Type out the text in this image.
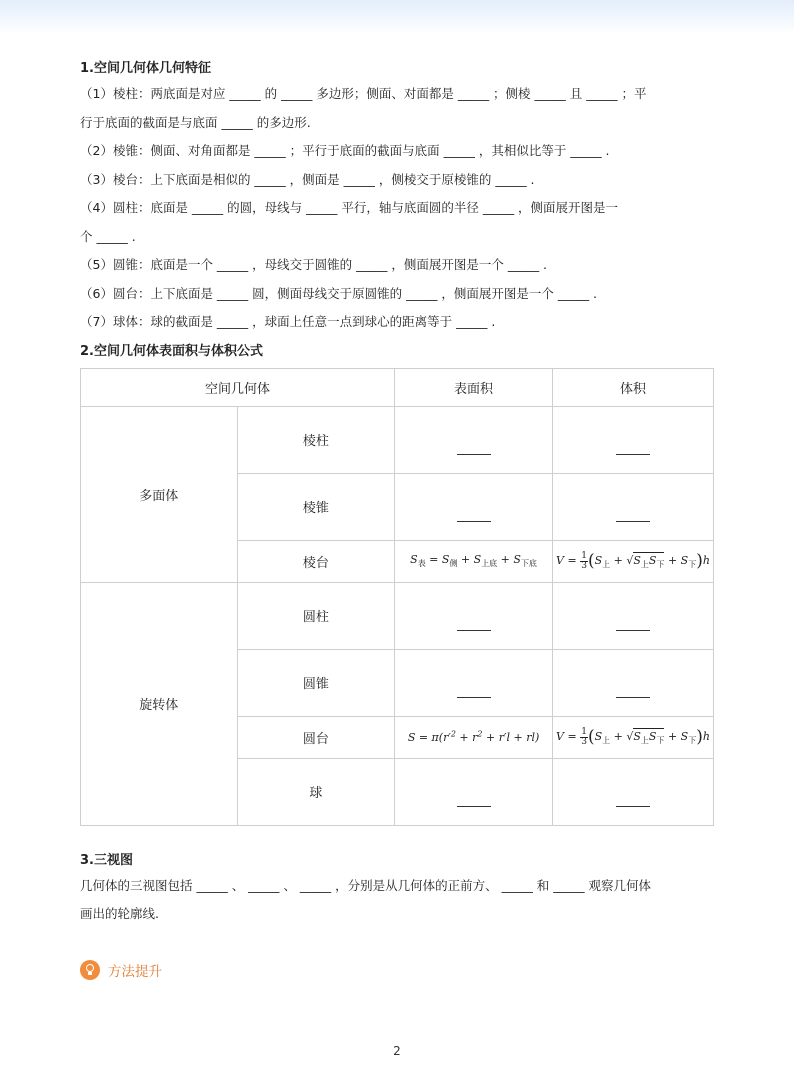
1.空间几何体几何特征

（1）棱柱：两底面是对应 _____ 的 _____ 多边形；侧面、对面都是 _____ ；侧棱 _____ 且 _____ ；平

行于底面的截面是与底面 _____ 的多边形.

（2）棱锥：侧面、对角面都是 _____ ；平行于底面的截面与底面 _____ ，其相似比等于 _____ .

（3）棱台：上下底面是相似的 _____ ，侧面是 _____ ，侧棱交于原棱锥的 _____ .

（4）圆柱：底面是 _____ 的圆，母线与 _____ 平行，轴与底面圆的半径 _____ ，侧面展开图是一

个 _____ .

（5）圆锥：底面是一个 _____ ，母线交于圆锥的 _____ ，侧面展开图是一个 _____ .

（6）圆台：上下底面是 _____ 圆，侧面母线交于原圆锥的 _____ ，侧面展开图是一个 _____ .

（7）球体：球的截面是 _____ ，球面上任意一点到球心的距离等于 _____ .

2.空间几何体表面积与体积公式

空间几何体		表面积	体积
多面体	棱柱	

	棱锥	

	棱台	$S_表 = S_侧 + S_{上底} + S_{下底}$	$V = \frac{1}{3} (S_上 + √S_上S_下 + S_下)h$
旋转体	圆柱	

	圆锥	

	圆台	$S = \pi(r'^2 + r^2 + r'l + rl)$	$V = \frac{1}{3} (S_上 + √S_上S_下 + S_下)h$
	球	

3.三视图

几何体的三视图包括 _____ 、 _____ 、 _____ ，分别是从几何体的正前方、 _____ 和 _____ 观察几何体

画出的轮廓线.

方法提升
2
